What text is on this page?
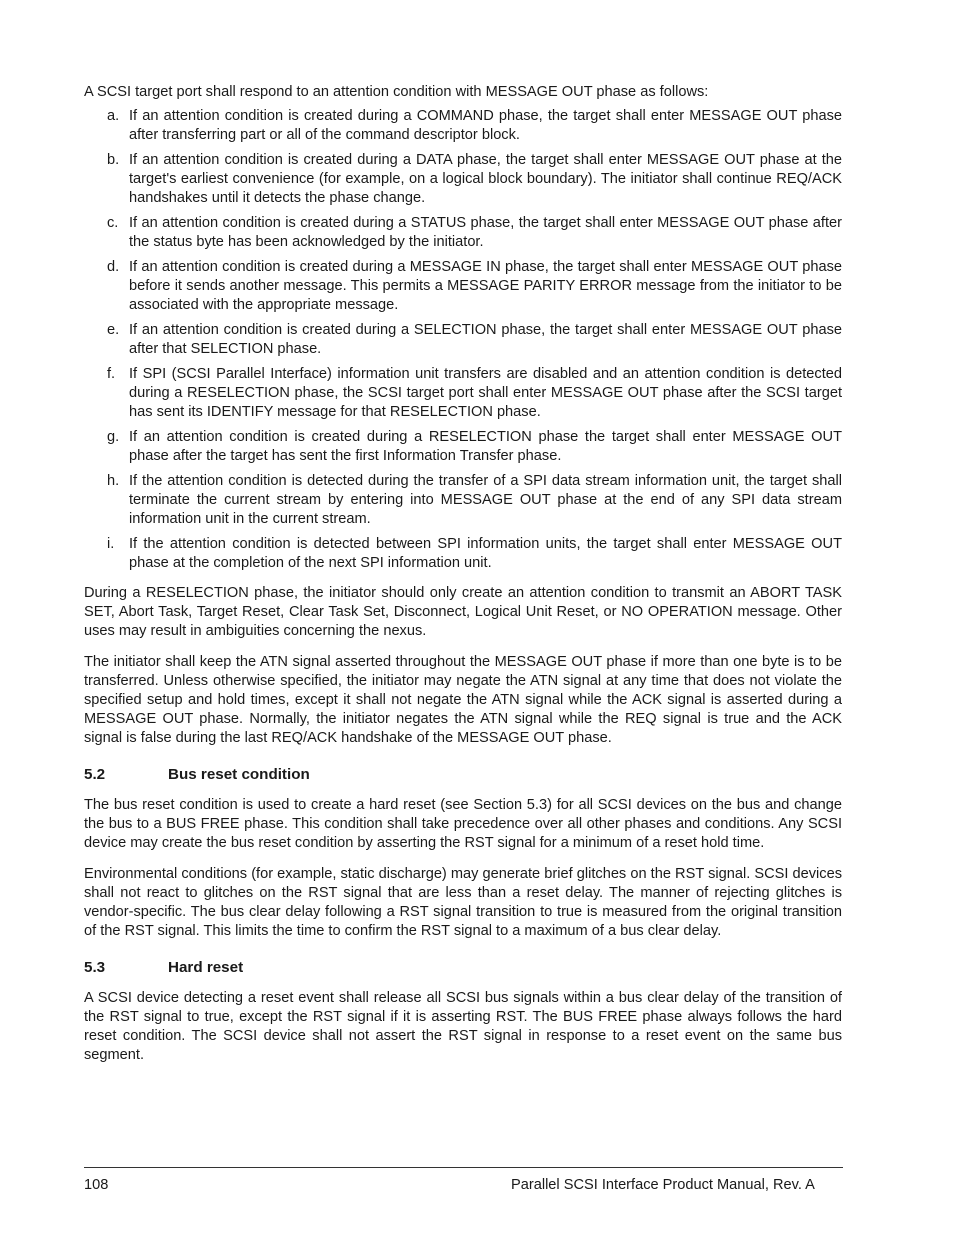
A SCSI target port shall respond to an attention condition with MESSAGE OUT phase as follows:

a. If an attention condition is created during a COMMAND phase, the target shall enter MESSAGE OUT phase after transferring part or all of the command descriptor block.
b. If an attention condition is created during a DATA phase, the target shall enter MESSAGE OUT phase at the target's earliest convenience (for example, on a logical block boundary). The initiator shall continue REQ/ACK handshakes until it detects the phase change.
c. If an attention condition is created during a STATUS phase, the target shall enter MESSAGE OUT phase after the status byte has been acknowledged by the initiator.
d. If an attention condition is created during a MESSAGE IN phase, the target shall enter MESSAGE OUT phase before it sends another message. This permits a MESSAGE PARITY ERROR message from the initiator to be associated with the appropriate message.
e. If an attention condition is created during a SELECTION phase, the target shall enter MESSAGE OUT phase after that SELECTION phase.
f. If SPI (SCSI Parallel Interface) information unit transfers are disabled and an attention condition is detected during a RESELECTION phase, the SCSI target port shall enter MESSAGE OUT phase after the SCSI target has sent its IDENTIFY message for that RESELECTION phase.
g. If an attention condition is created during a RESELECTION phase the target shall enter MESSAGE OUT phase after the target has sent the first Information Transfer phase.
h. If the attention condition is detected during the transfer of a SPI data stream information unit, the target shall terminate the current stream by entering into MESSAGE OUT phase at the end of any SPI data stream information unit in the current stream.
i. If the attention condition is detected between SPI information units, the target shall enter MESSAGE OUT phase at the completion of the next SPI information unit.

During a RESELECTION phase, the initiator should only create an attention condition to transmit an ABORT TASK SET, Abort Task, Target Reset, Clear Task Set, Disconnect, Logical Unit Reset, or NO OPERATION message. Other uses may result in ambiguities concerning the nexus.

The initiator shall keep the ATN signal asserted throughout the MESSAGE OUT phase if more than one byte is to be transferred. Unless otherwise specified, the initiator may negate the ATN signal at any time that does not violate the specified setup and hold times, except it shall not negate the ATN signal while the ACK signal is asserted during a MESSAGE OUT phase. Normally, the initiator negates the ATN signal while the REQ signal is true and the ACK signal is false during the last REQ/ACK handshake of the MESSAGE OUT phase.

5.2	Bus reset condition

The bus reset condition is used to create a hard reset (see Section 5.3) for all SCSI devices on the bus and change the bus to a BUS FREE phase. This condition shall take precedence over all other phases and conditions. Any SCSI device may create the bus reset condition by asserting the RST signal for a minimum of a reset hold time.

Environmental conditions (for example, static discharge) may generate brief glitches on the RST signal. SCSI devices shall not react to glitches on the RST signal that are less than a reset delay. The manner of rejecting glitches is vendor-specific. The bus clear delay following a RST signal transition to true is measured from the original transition of the RST signal. This limits the time to confirm the RST signal to a maximum of a bus clear delay.

5.3	Hard reset

A SCSI device detecting a reset event shall release all SCSI bus signals within a bus clear delay of the transition of the RST signal to true, except the RST signal if it is asserting RST. The BUS FREE phase always follows the hard reset condition. The SCSI device shall not assert the RST signal in response to a reset event on the same bus segment.

108	Parallel SCSI Interface Product Manual, Rev. A
